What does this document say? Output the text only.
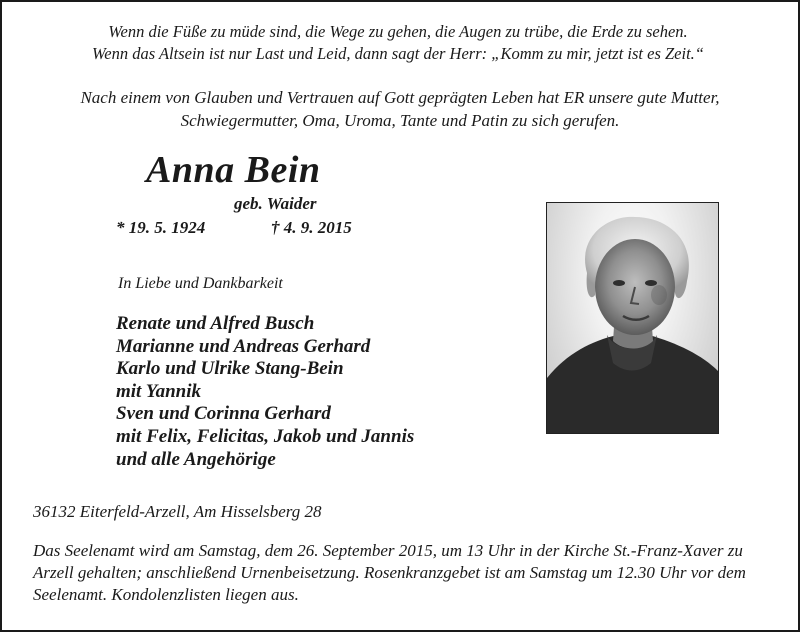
Wenn die Füße zu müde sind, die Wege zu gehen, die Augen zu trübe, die Erde zu sehen.
Wenn das Altsein ist nur Last und Leid, dann sagt der Herr: „Komm zu mir, jetzt ist es Zeit.“
Nach einem von Glauben und Vertrauen auf Gott geprägten Leben hat ER unsere gute Mutter,
Schwiegermutter, Oma, Uroma, Tante und Patin zu sich gerufen.
Anna Bein
geb. Waider
* 19. 5. 1924	† 4. 9. 2015
In Liebe und Dankbarkeit
Renate und Alfred Busch
Marianne und Andreas Gerhard
Karlo und Ulrike Stang-Bein
mit Yannik
Sven und Corinna Gerhard
mit Felix, Felicitas, Jakob und Jannis
und alle Angehörige
36132 Eiterfeld-Arzell, Am Hisselsberg 28

Das Seelenamt wird am Samstag, dem 26. September 2015, um 13 Uhr in der Kirche St.-Franz-Xaver zu Arzell gehalten; anschließend Urnenbeisetzung. Rosenkranzgebet ist am Samstag um 12.30 Uhr vor dem Seelenamt. Kondolenzlisten liegen aus.
